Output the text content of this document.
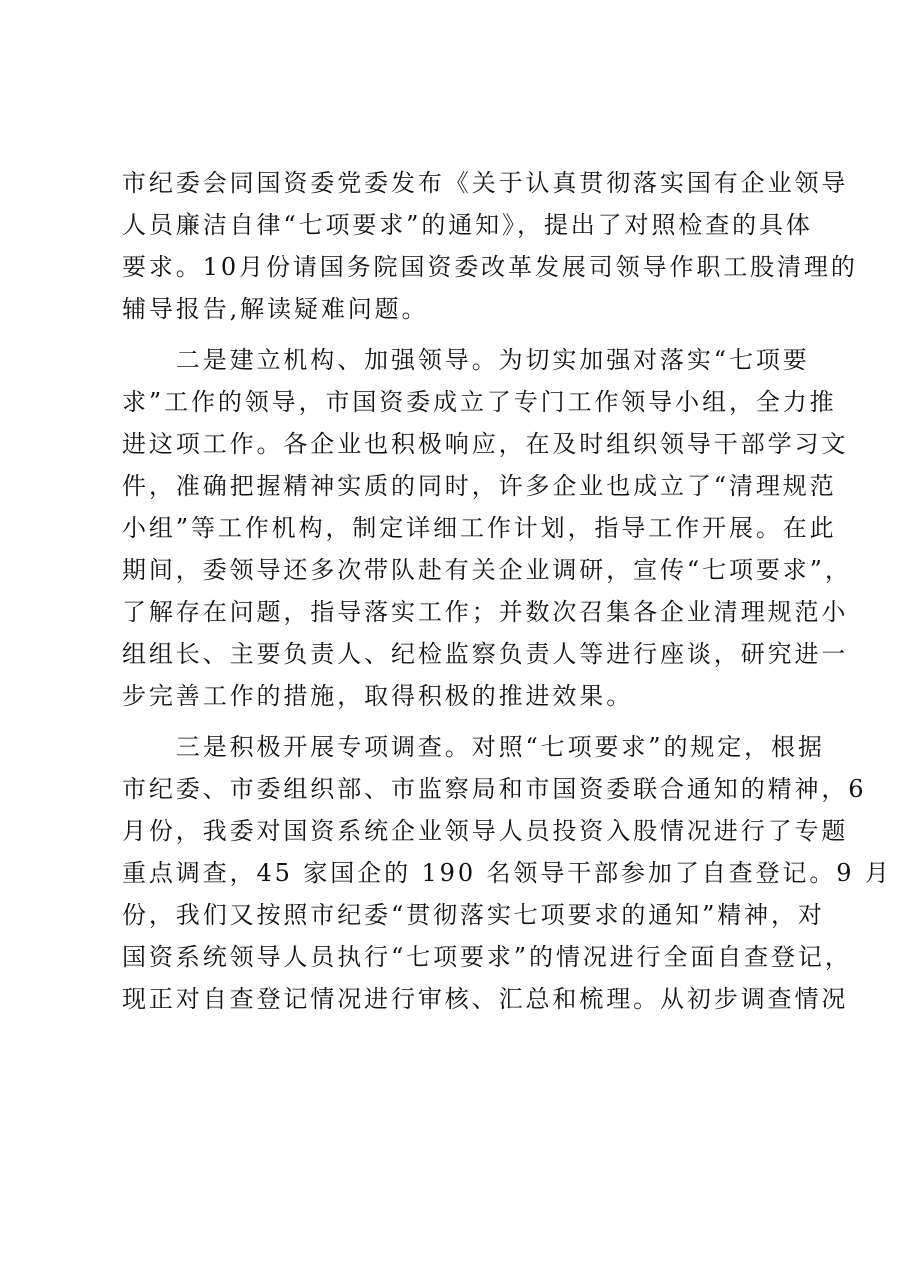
市纪委会同国资委党委发布《关于认真贯彻落实国有企业领导
人员廉洁自律“七项要求”的通知》，提出了对照检查的具体
要求。10月份请国务院国资委改革发展司领导作职工股清理的
辅导报告,解读疑难问题。
　　二是建立机构、加强领导。为切实加强对落实“七项要
求”工作的领导，市国资委成立了专门工作领导小组，全力推
进这项工作。各企业也积极响应，在及时组织领导干部学习文
件，准确把握精神实质的同时，许多企业也成立了“清理规范
小组”等工作机构，制定详细工作计划，指导工作开展。在此
期间，委领导还多次带队赴有关企业调研，宣传“七项要求”，
了解存在问题，指导落实工作；并数次召集各企业清理规范小
组组长、主要负责人、纪检监察负责人等进行座谈，研究进一
步完善工作的措施，取得积极的推进效果。
　　三是积极开展专项调查。对照“七项要求”的规定，根据
市纪委、市委组织部、市监察局和市国资委联合通知的精神，6
月份，我委对国资系统企业领导人员投资入股情况进行了专题
重点调查，45 家国企的 190 名领导干部参加了自查登记。9 月
份，我们又按照市纪委“贯彻落实七项要求的通知”精神，对
国资系统领导人员执行“七项要求”的情况进行全面自查登记，
现正对自查登记情况进行审核、汇总和梳理。从初步调查情况
